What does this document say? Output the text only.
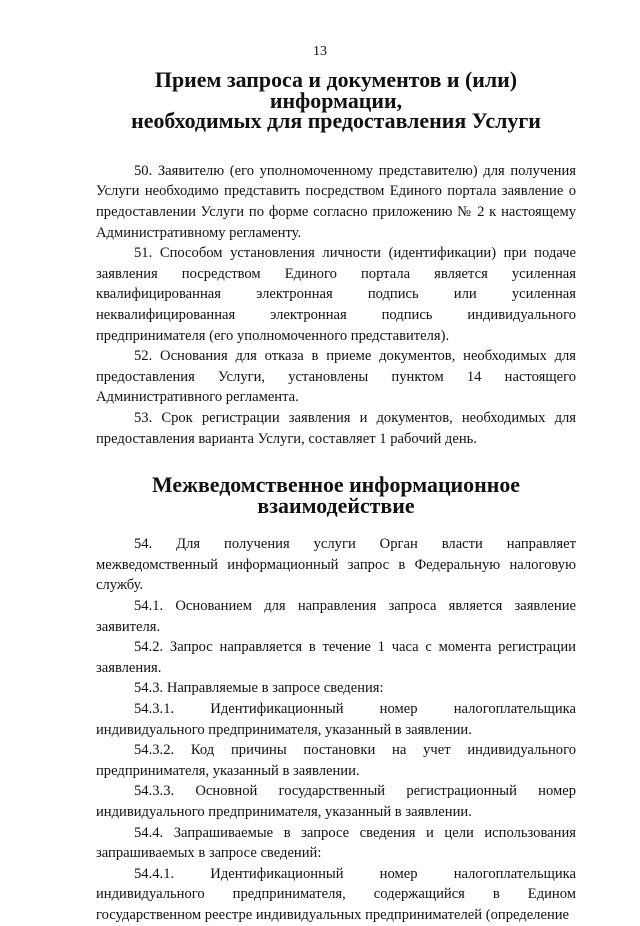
13
Прием запроса и документов и (или) информации,
необходимых для предоставления Услуги

50. Заявителю (его уполномоченному представителю) для получения Услуги необходимо представить посредством Единого портала заявление о предоставлении Услуги по форме согласно приложению № 2 к настоящему Административному регламенту.

51. Способом установления личности (идентификации) при подаче заявления посредством Единого портала является усиленная квалифицированная электронная подпись или усиленная неквалифицированная электронная подпись индивидуального предпринимателя (его уполномоченного представителя).

52. Основания для отказа в приеме документов, необходимых для предоставления Услуги, установлены пунктом 14 настоящего Административного регламента.

53. Срок регистрации заявления и документов, необходимых для предоставления варианта Услуги, составляет 1 рабочий день.

Межведомственное информационное взаимодействие

54. Для получения услуги Орган власти направляет межведомственный информационный запрос в Федеральную налоговую службу.

54.1. Основанием для направления запроса является заявление заявителя.

54.2. Запрос направляется в течение 1 часа с момента регистрации заявления.

54.3. Направляемые в запросе сведения:

54.3.1. Идентификационный номер налогоплательщика индивидуального предпринимателя, указанный в заявлении.

54.3.2. Код причины постановки на учет индивидуального предпринимателя, указанный в заявлении.

54.3.3. Основной государственный регистрационный номер индивидуального предпринимателя, указанный в заявлении.

54.4. Запрашиваемые в запросе сведения и цели использования запрашиваемых в запросе сведений:

54.4.1. Идентификационный номер налогоплательщика индивидуального предпринимателя, содержащийся в Едином государственном реестре индивидуальных предпринимателей (определение
